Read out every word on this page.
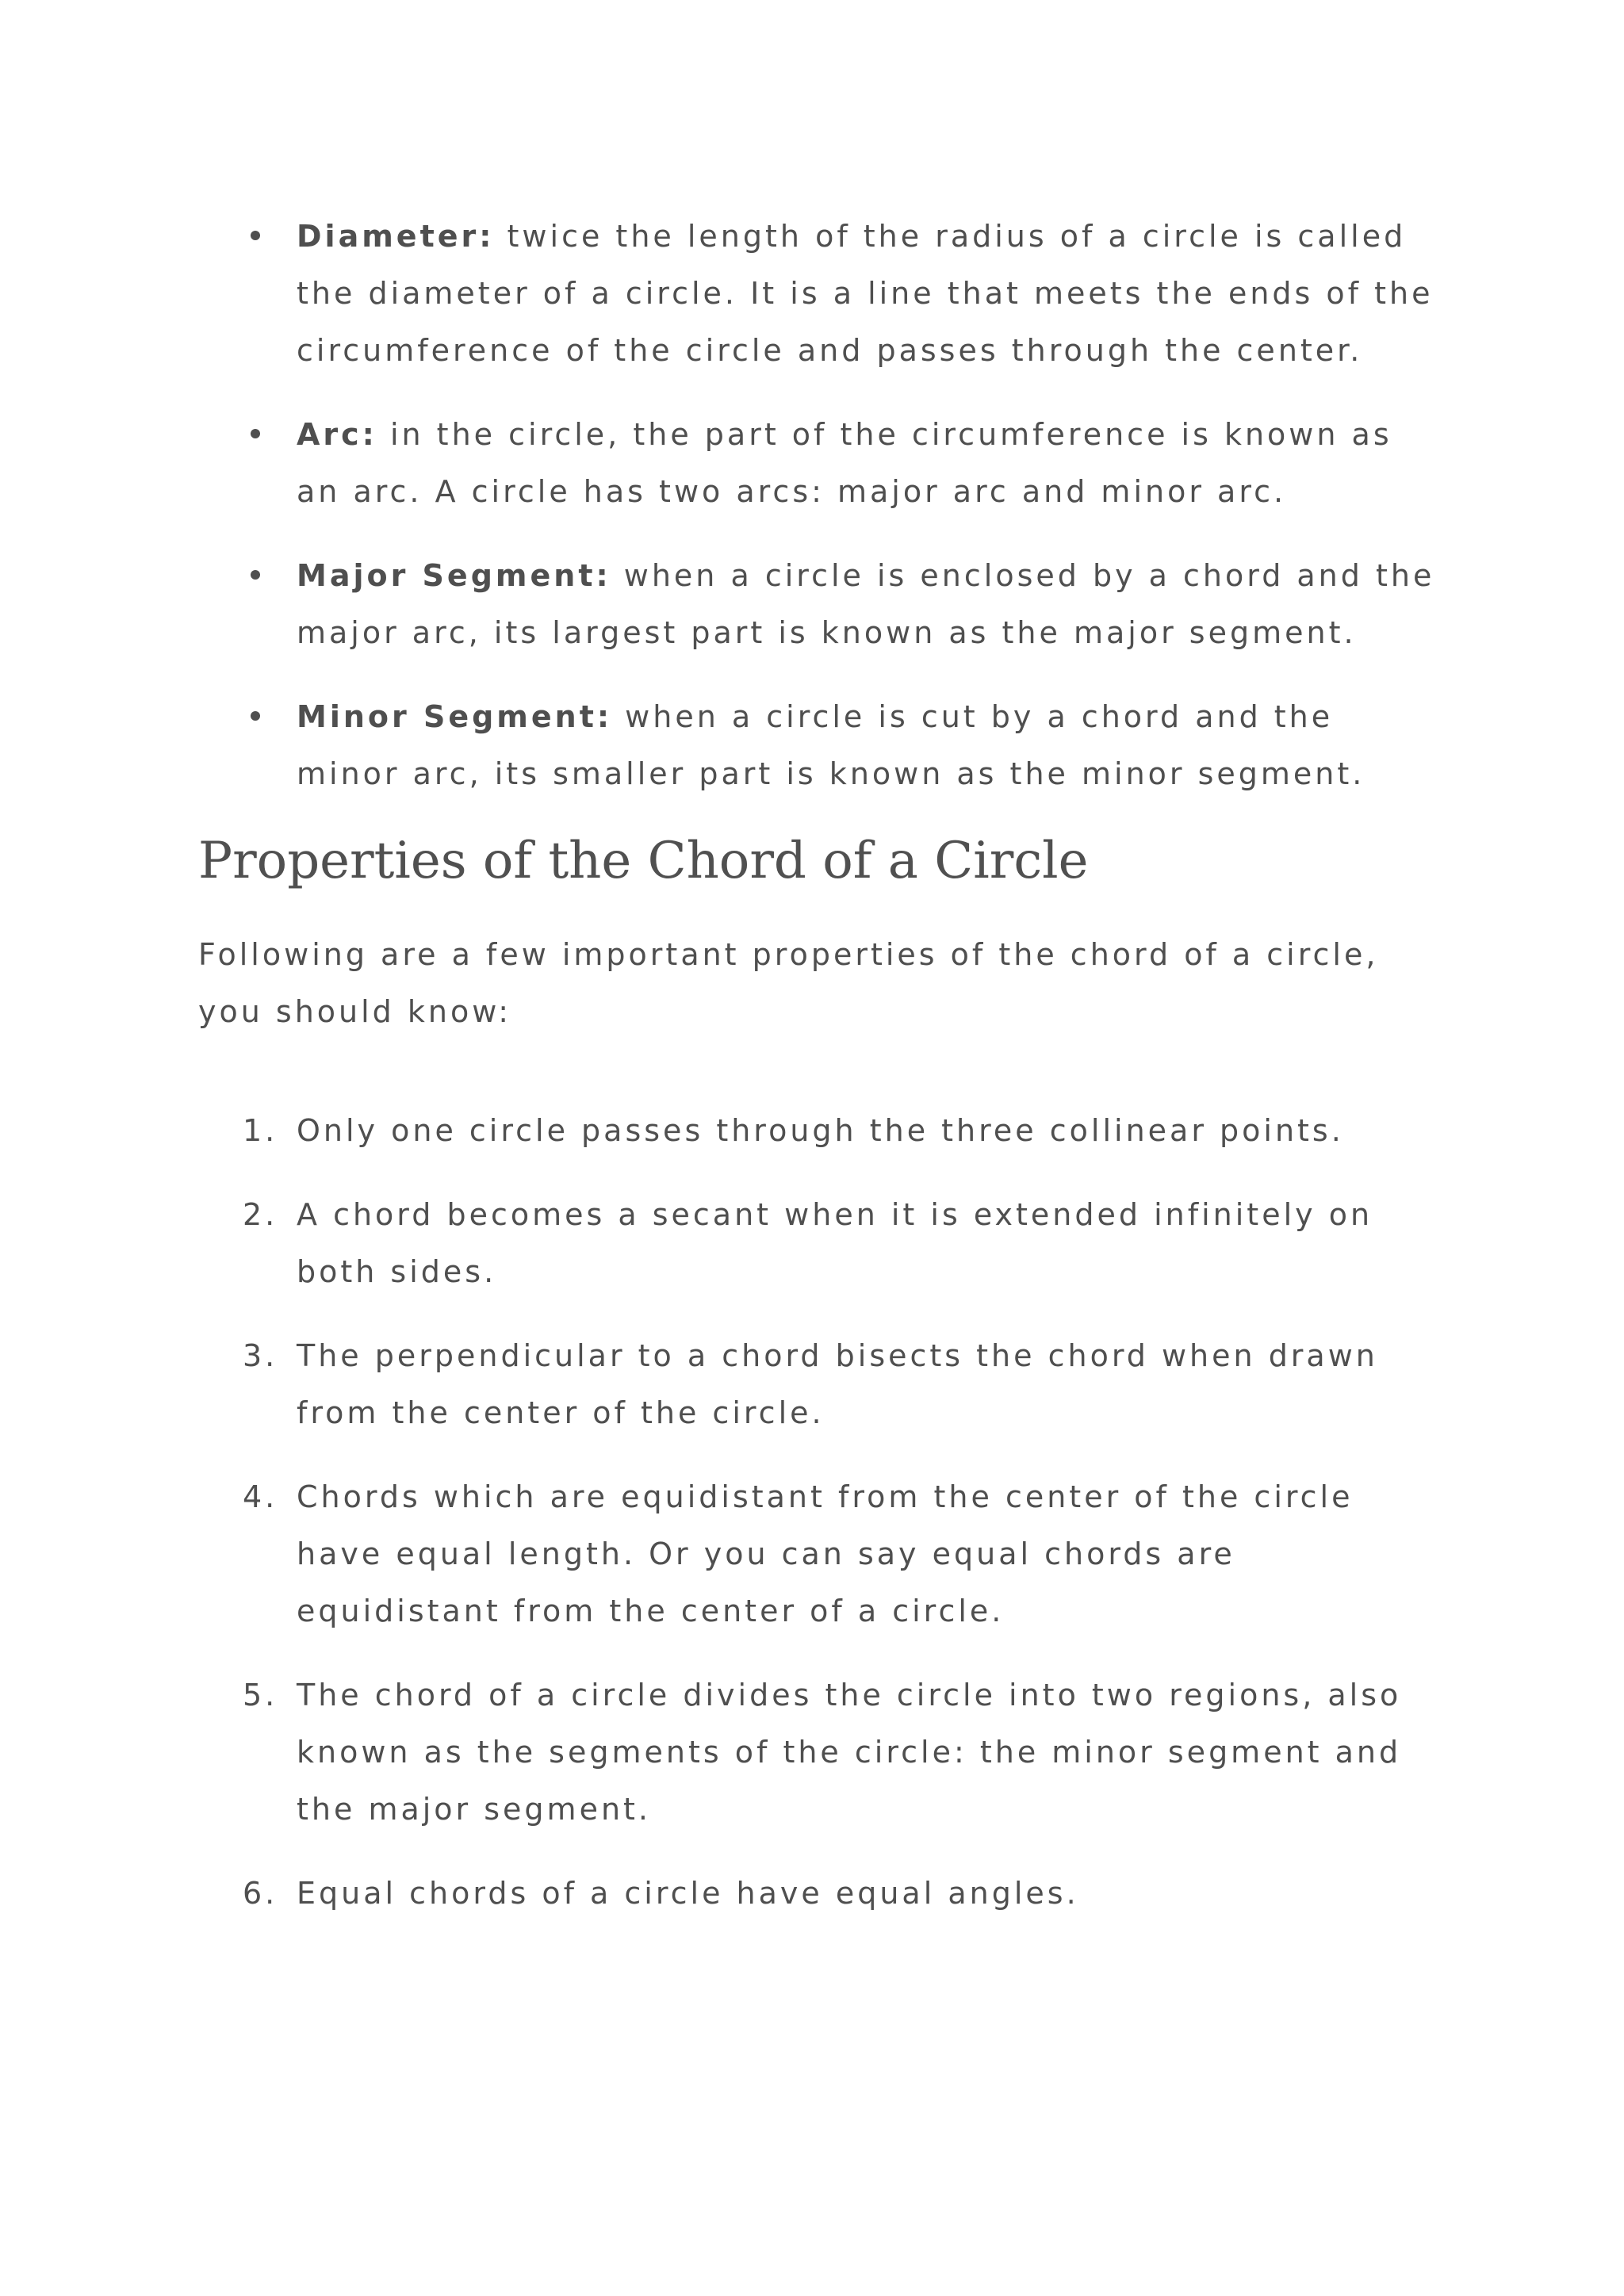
Diameter: twice the length of the radius of a circle is called the diameter of a circle. It is a line that meets the ends of the circumference of the circle and passes through the center.
Arc: in the circle, the part of the circumference is known as an arc. A circle has two arcs: major arc and minor arc.
Major Segment: when a circle is enclosed by a chord and the major arc, its largest part is known as the major segment.
Minor Segment: when a circle is cut by a chord and the minor arc, its smaller part is known as the minor segment.
Properties of the Chord of a Circle

Following are a few important properties of the chord of a circle, you should know:

1. Only one circle passes through the three collinear points.
2. A chord becomes a secant when it is extended infinitely on both sides.
3. The perpendicular to a chord bisects the chord when drawn from the center of the circle.
4. Chords which are equidistant from the center of the circle have equal length. Or you can say equal chords are equidistant from the center of a circle.
5. The chord of a circle divides the circle into two regions, also known as the segments of the circle: the minor segment and the major segment.
6. Equal chords of a circle have equal angles.
